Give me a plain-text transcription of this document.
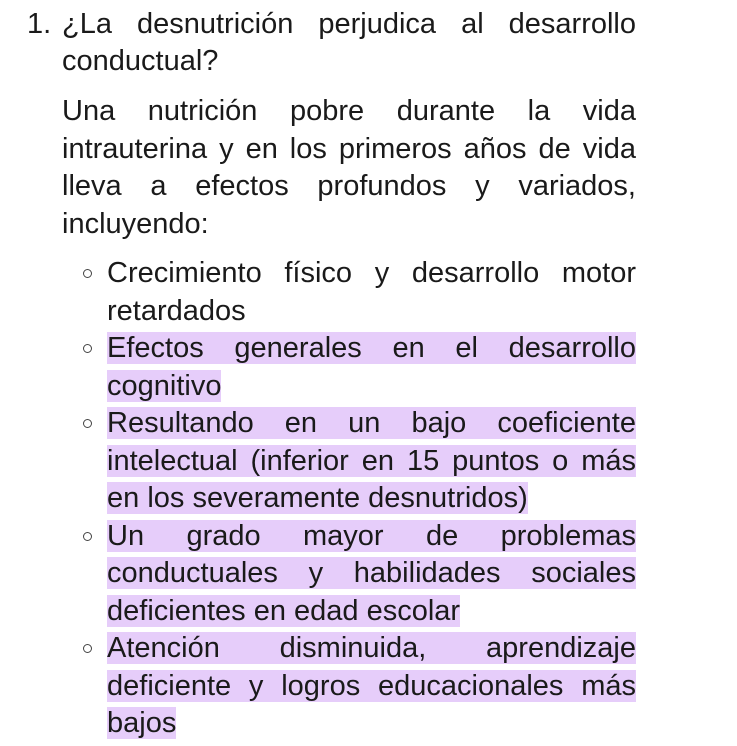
1. ¿La desnutrición perjudica al desarrollo conductual?
Una nutrición pobre durante la vida intrauterina y en los primeros años de vida lleva a efectos profundos y variados, incluyendo:
Crecimiento físico y desarrollo motor retardados
Efectos generales en el desarrollo cognitivo
Resultando en un bajo coeficiente intelectual (inferior en 15 puntos o más en los severamente desnutridos)
Un grado mayor de problemas conductuales y habilidades sociales deficientes en edad escolar
Atención disminuida, aprendizaje deficiente y logros educacionales más bajos
